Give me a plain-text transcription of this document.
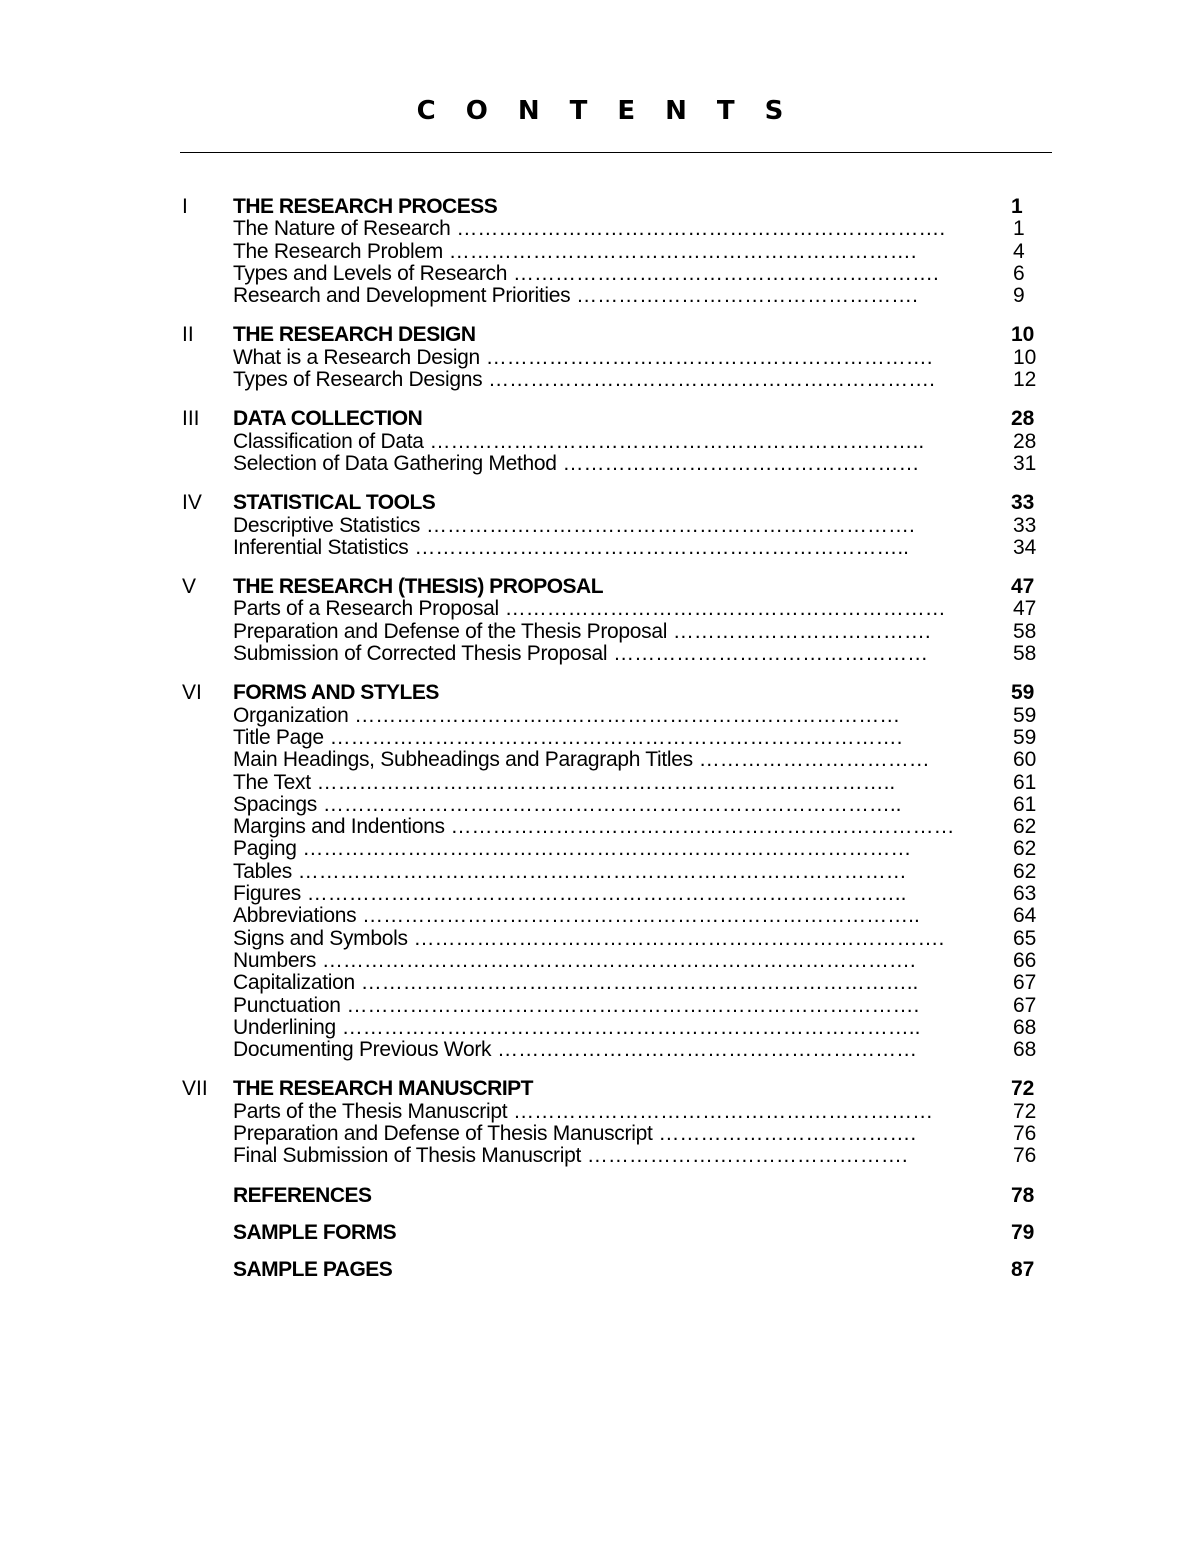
CONTENTS
I THE RESEARCH PROCESS	1
The Nature of Research …………………………………………………………….	1
The Research Problem ………………………………………………………….	4
Types and Levels of Research …………………………………………………….	6
Research and Development Priorities ………………………………………….	9
II THE RESEARCH DESIGN	10
What is a Research Design ……………………………………………………….	10
Types of Research Designs ……………………………………………………….	12
III DATA COLLECTION	28
Classification of Data ……………………………………………………………..	28
Selection of Data Gathering Method ……………………………………………	31
IV STATISTICAL TOOLS	33
Descriptive Statistics …………………………………………………………….	33
Inferential Statistics ……………………………………………………………..	34
V THE RESEARCH (THESIS) PROPOSAL	47
Parts of a Research Proposal ………………………………………………………	47
Preparation and Defense of the Thesis Proposal ……………………………….	58
Submission of Corrected Thesis Proposal ………………………………………	58
VI FORMS AND STYLES	59
Organization ……………………………………………………………………	59
Title Page ……………………………………………………………………….	59
Main Headings, Subheadings and Paragraph Titles ……………………………	60
The Text ………………………………………………………………………..	61
Spacings ………………………………………………………………………..	61
Margins and Indentions ………………………………………………………………	62
Paging ……………………………………………………………………………	62
Tables ……………………………………………………………………………	62
Figures …………………………………………………………………………..	63
Abbreviations ……………………………………………………………………..	64
Signs and Symbols ………………………………………………………………….	65
Numbers ………………………………………………………………………….	66
Capitalization ……………………………………………………………………..	67
Punctuation ……………………………………………………………………….	67
Underlining ………………………………………………………………………..	68
Documenting Previous Work ……………………………………………………	68
VII THE RESEARCH MANUSCRIPT	72
Parts of the Thesis Manuscript ……………………………………………………	72
Preparation and Defense of Thesis Manuscript ……………………………….	76
Final Submission of Thesis Manuscript ……………………………………….	76
REFERENCES	78
SAMPLE FORMS	79
SAMPLE PAGES	87
